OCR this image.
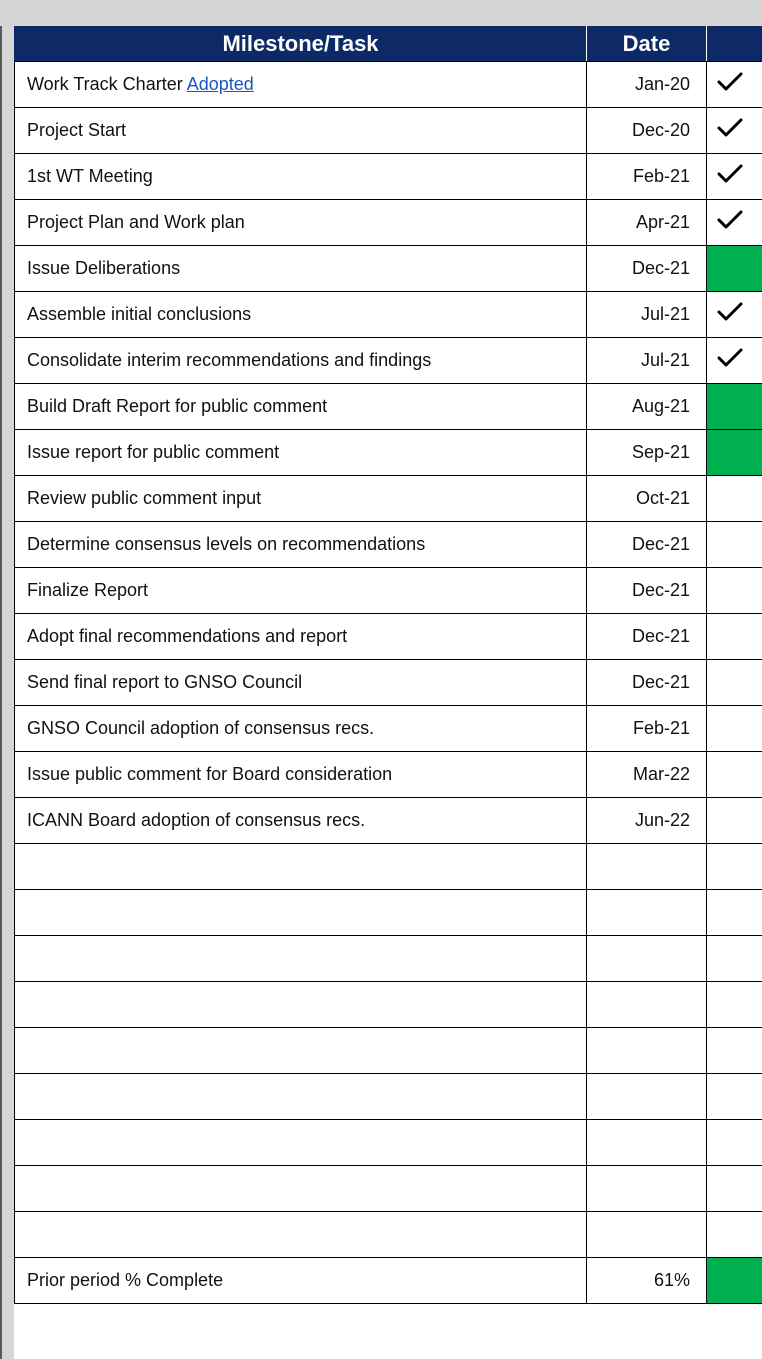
Milestone/Task	Date	
Work Track Charter Adopted	Jan-20	
Project Start	Dec-20	
1st WT Meeting	Feb-21	
Project Plan and Work plan	Apr-21	
Issue Deliberations	Dec-21	
Assemble initial conclusions	Jul-21	
Consolidate interim recommendations and findings	Jul-21	
Build Draft Report for public comment	Aug-21	
Issue report for public comment	Sep-21	
Review public comment input	Oct-21	
Determine consensus levels on recommendations	Dec-21	
Finalize Report	Dec-21	
Adopt final recommendations and report	Dec-21	
Send final report to GNSO Council	Dec-21	
GNSO Council adoption of consensus recs.	Feb-21	
Issue public comment for Board consideration	Mar-22	
ICANN Board adoption of consensus recs.	Jun-22	

Prior period % Complete	61%	
